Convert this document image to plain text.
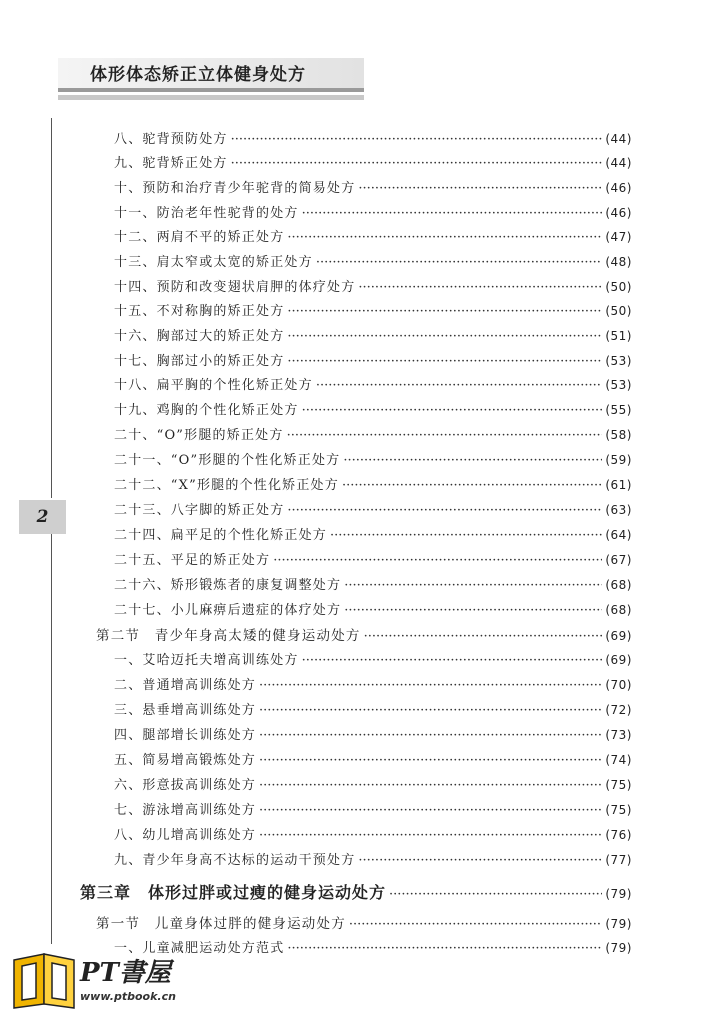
体形体态矫正立体健身处方
2
八、驼背预防处方 ·····	(44)
九、驼背矫正处方 ·····	(44)
十、预防和治疗青少年驼背的简易处方 ·····	(46)
十一、防治老年性驼背的处方 ·····	(46)
十二、两肩不平的矫正处方 ·····	(47)
十三、肩太窄或太宽的矫正处方 ·····	(48)
十四、预防和改变翅状肩胛的体疗处方 ·····	(50)
十五、不对称胸的矫正处方 ·····	(50)
十六、胸部过大的矫正处方 ·····	(51)
十七、胸部过小的矫正处方 ·····	(53)
十八、扁平胸的个性化矫正处方 ·····	(53)
十九、鸡胸的个性化矫正处方 ·····	(55)
二十、“O”形腿的矫正处方 ·····	(58)
二十一、“O”形腿的个性化矫正处方 ·····	(59)
二十二、“X”形腿的个性化矫正处方 ·····	(61)
二十三、八字脚的矫正处方 ·····	(63)
二十四、扁平足的个性化矫正处方 ·····	(64)
二十五、平足的矫正处方 ·····	(67)
二十六、矫形锻炼者的康复调整处方 ·····	(68)
二十七、小儿麻痹后遗症的体疗处方 ·····	(68)
第二节　青少年身高太矮的健身运动处方 ·····	(69)
一、艾哈迈托夫增高训练处方 ·····	(69)
二、普通增高训练处方 ·····	(70)
三、悬垂增高训练处方 ·····	(72)
四、腿部增长训练处方 ·····	(73)
五、简易增高锻炼处方 ·····	(74)
六、形意拔高训练处方 ·····	(75)
七、游泳增高训练处方 ·····	(75)
八、幼儿增高训练处方 ·····	(76)
九、青少年身高不达标的运动干预处方 ·····	(77)
第三章　体形过胖或过瘦的健身运动处方 ·····	(79)
第一节　儿童身体过胖的健身运动处方 ·····	(79)
一、儿童减肥运动处方范式 ·····	(79)
PT書屋
www.ptbook.cn
